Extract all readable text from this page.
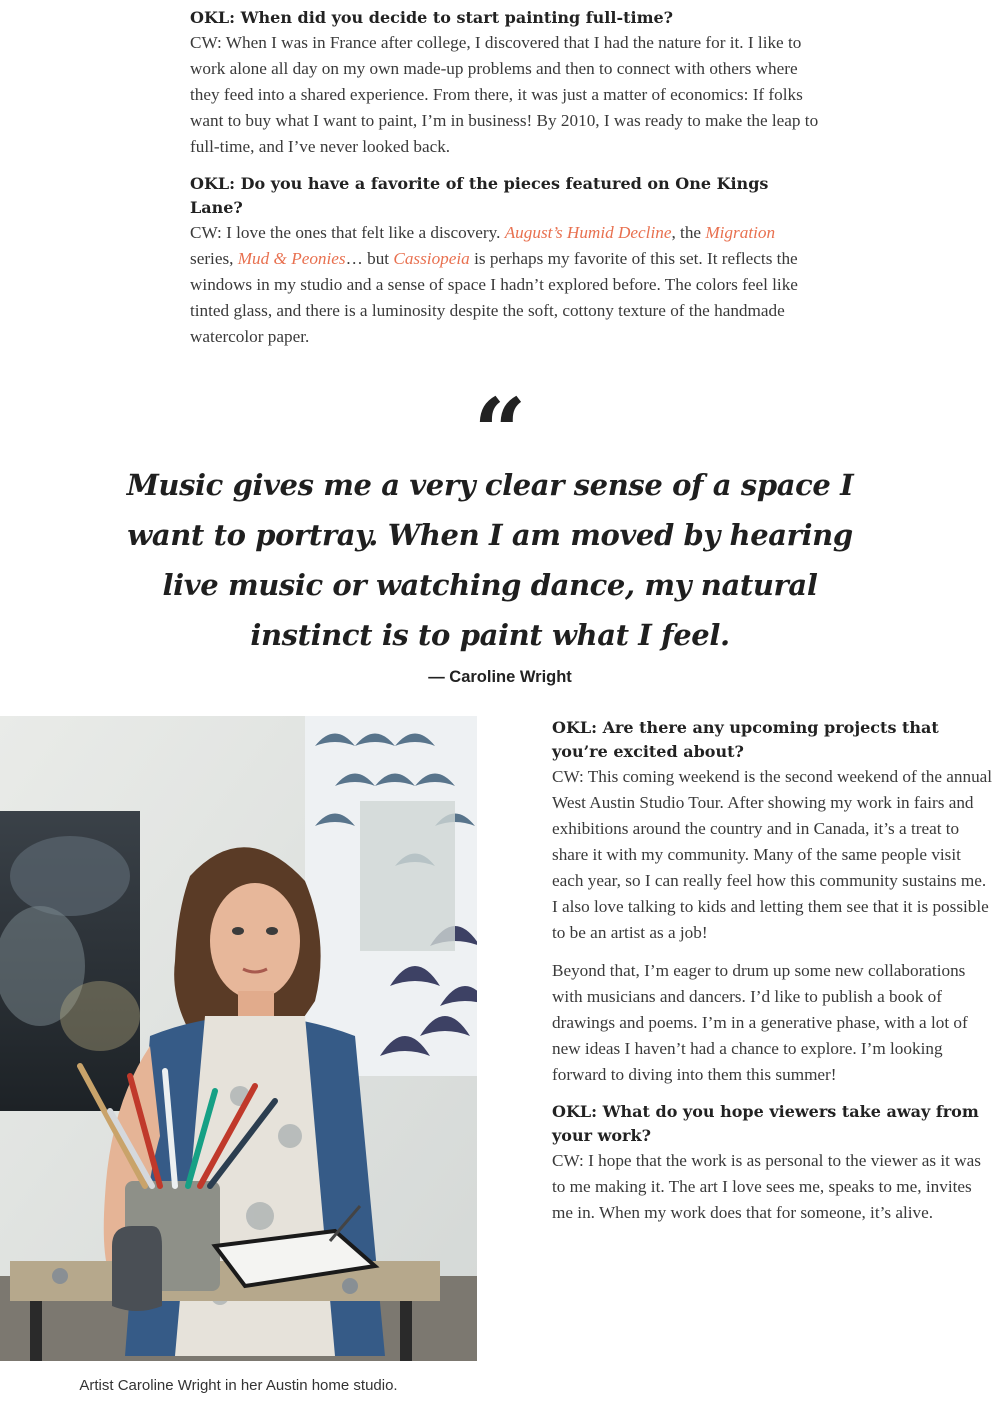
OKL: When did you decide to start painting full-time?
CW: When I was in France after college, I discovered that I had the nature for it. I like to work alone all day on my own made-up problems and then to connect with others where they feed into a shared experience. From there, it was just a matter of economics: If folks want to buy what I want to paint, I’m in business! By 2010, I was ready to make the leap to full-time, and I’ve never looked back.
OKL: Do you have a favorite of the pieces featured on One Kings Lane?
CW: I love the ones that felt like a discovery. August’s Humid Decline, the Migration series, Mud & Peonies… but Cassiopeia is perhaps my favorite of this set. It reflects the windows in my studio and a sense of space I hadn’t explored before. The colors feel like tinted glass, and there is a luminosity despite the soft, cottony texture of the handmade watercolor paper.
“
Music gives me a very clear sense of a space I want to portray. When I am moved by hearing live music or watching dance, my natural instinct is to paint what I feel.
— Caroline Wright
Artist Caroline Wright in her Austin home studio.
OKL: Are there any upcoming projects that you’re excited about?
CW: This coming weekend is the second weekend of the annual West Austin Studio Tour. After showing my work in fairs and exhibitions around the country and in Canada, it’s a treat to share it with my community. Many of the same people visit each year, so I can really feel how this community sustains me. I also love talking to kids and letting them see that it is possible to be an artist as a job!
Beyond that, I’m eager to drum up some new collaborations with musicians and dancers. I’d like to publish a book of drawings and poems. I’m in a generative phase, with a lot of new ideas I haven’t had a chance to explore. I’m looking forward to diving into them this summer!
OKL: What do you hope viewers take away from your work?
CW: I hope that the work is as personal to the viewer as it was to me making it. The art I love sees me, speaks to me, invites me in. When my work does that for someone, it’s alive.
